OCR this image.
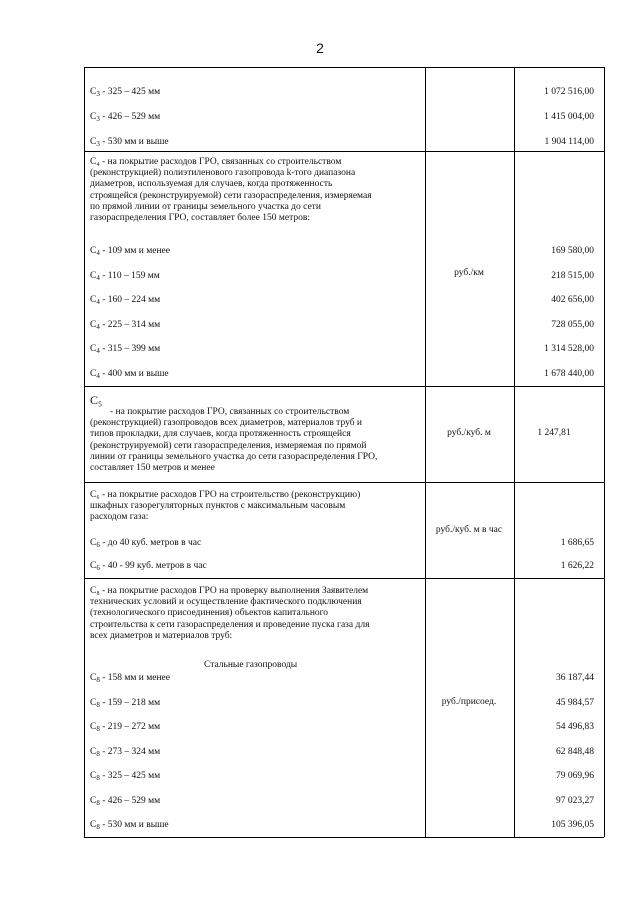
2
$С_3 - 325 - 425$ мм	1 072 516,00
$С_3 - 426 - 529$ мм	1 415 004,00
$С_3 - 530$ мм и выше	1 904 114,00
С₄ - на покрытие расходов ГРО, связанных со строительством
(реконструкцией) полиэтиленового газопровода k-того диапазона
диаметров, используемая для случаев, когда протяженность
строящейся (реконструируемой) сети газораспределения, измеряемая
по прямой линии от границы земельного участка до сети
газораспределения ГРО, составляет более 150 метров:
руб./км
$С_4 - 109$ мм и менее	169 580,00
$С_4 - 110 - 159$ мм	218 515,00
$С_4 - 160 - 224$ мм	402 656,00
$С_4 - 225 - 314$ мм	728 055,00
$С_4 - 315 - 399$ мм	1 314 528,00
$С_4 - 400$ мм и выше	1 678 440,00
С₅
- на покрытие расходов ГРО, связанных со строительством
(реконструкцией) газопроводов всех диаметров, материалов труб и
типов прокладки, для случаев, когда протяженность строящейся
(реконструируемой) сети газораспределения, измеряемая по прямой
линии от границы земельного участка до сети газораспределения ГРО,
составляет 150 метров и менее
руб./куб. м	1 247,81
С₆ - на покрытие расходов ГРО на строительство (реконструкцию)
шкафных газорегуляторных пунктов с максимальным часовым
расходом газа:
руб./куб. м в час
$С_6$ - до 40 куб. метров в час	1 686,65
$С_6 - 40 - 99$ куб. метров в час	1 626,22
С₈ - на покрытие расходов ГРО на проверку выполнения Заявителем
технических условий и осуществление фактического подключения
(технологического присоединения) объектов капитального
строительства к сети газораспределения и проведение пуска газа для
всех диаметров и материалов труб:
Стальные газопроводы
руб./присоед.
$С_8 - 158$ мм и менее	36 187,44
$С_8 - 159 - 218$ мм	45 984,57
$С_8 - 219 - 272$ мм	54 496,83
$С_8 - 273 - 324$ мм	62 848,48
$С_8 - 325 - 425$ мм	79 069,96
$С_8 - 426 - 529$ мм	97 023,27
$С_8 - 530$ мм и выше	105 396,05
